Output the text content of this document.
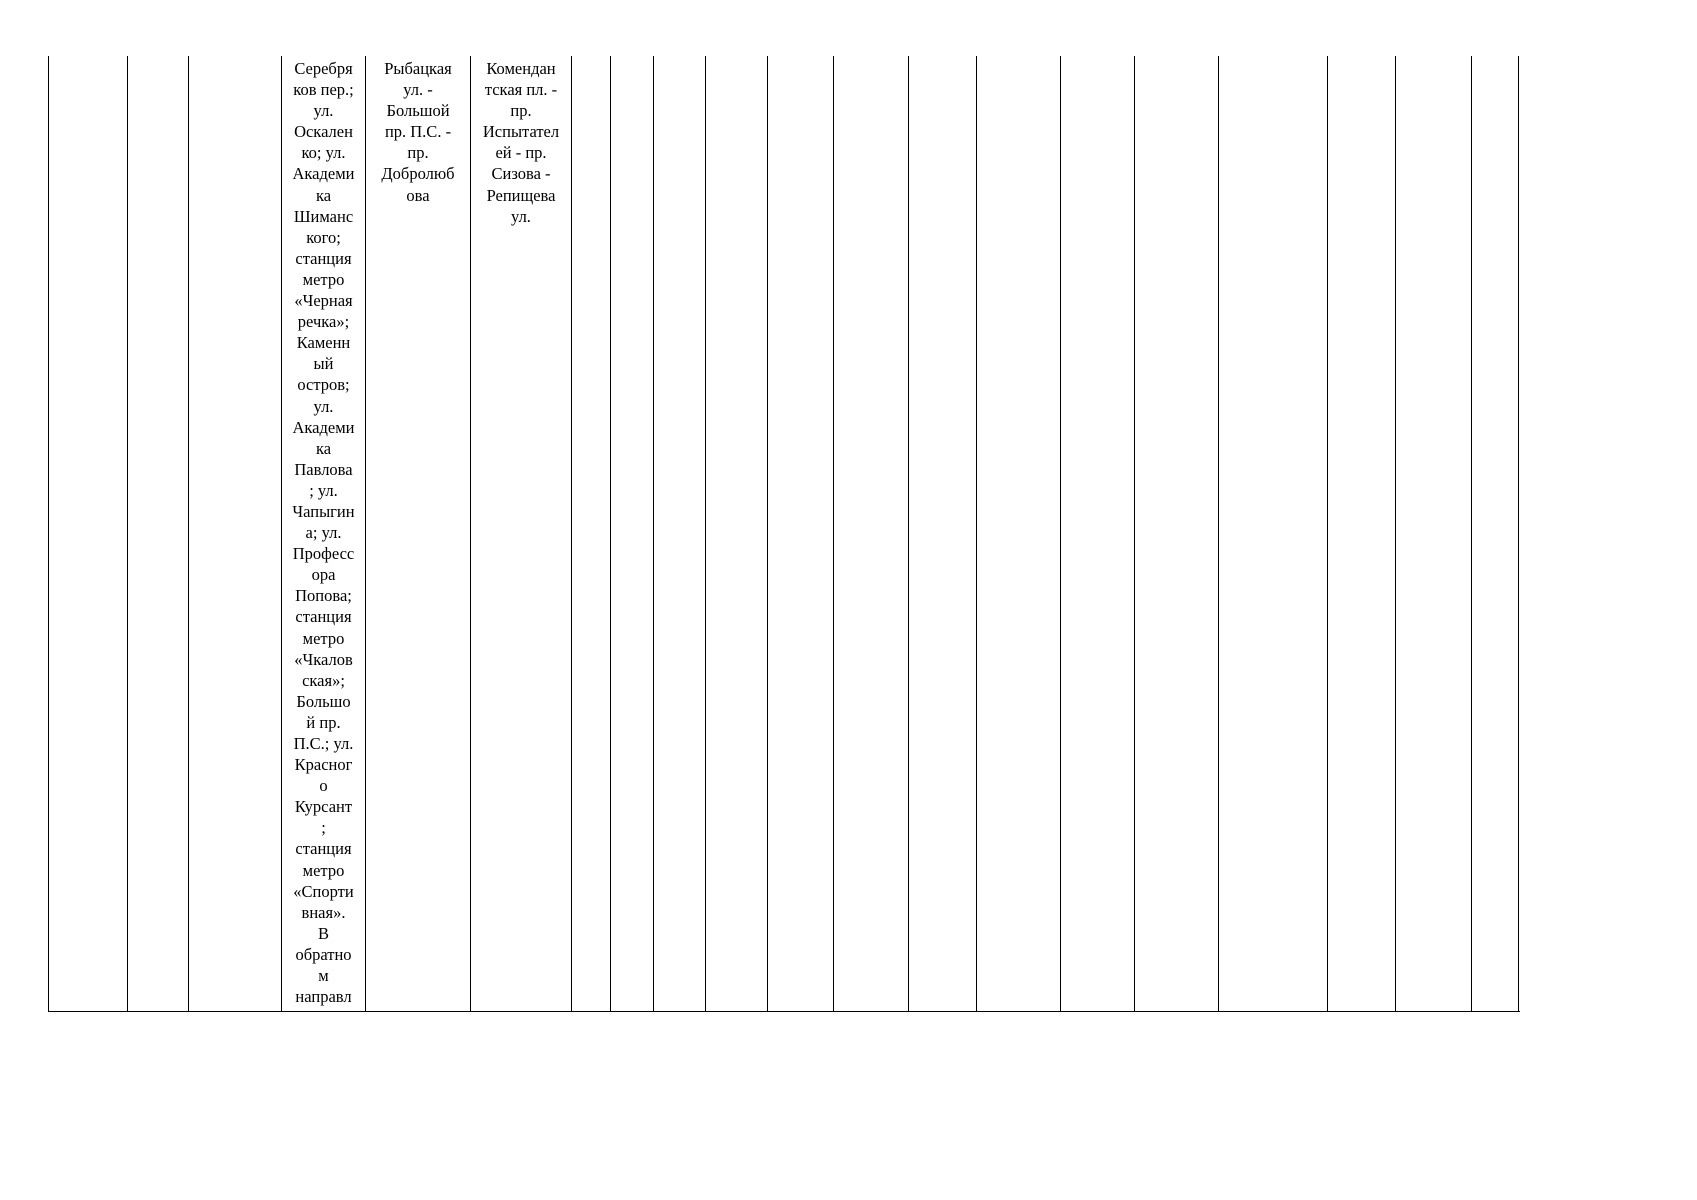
Серебря
ков пер.;
ул.
Оскален
ко; ул.
Академи
ка
Шиманс
кого;
станция
метро
«Черная
речка»;
Каменн
ый
остров;
ул.
Академи
ка
Павлова
; ул.
Чапыгин
а; ул.
Професс
ора
Попова;
станция
метро
«Чкалов
ская»;
Большо
й пр.
П.С.; ул.
Красног
о
Курсант
;
станция
метро
«Спорти
вная».
В
обратно
м
направл
Рыбацкая
ул. -
Большой
пр. П.С. -
пр.
Добролюб
ова
Комендан
тская пл. -
пр.
Испытател
ей - пр.
Сизова -
Репищева
ул.
